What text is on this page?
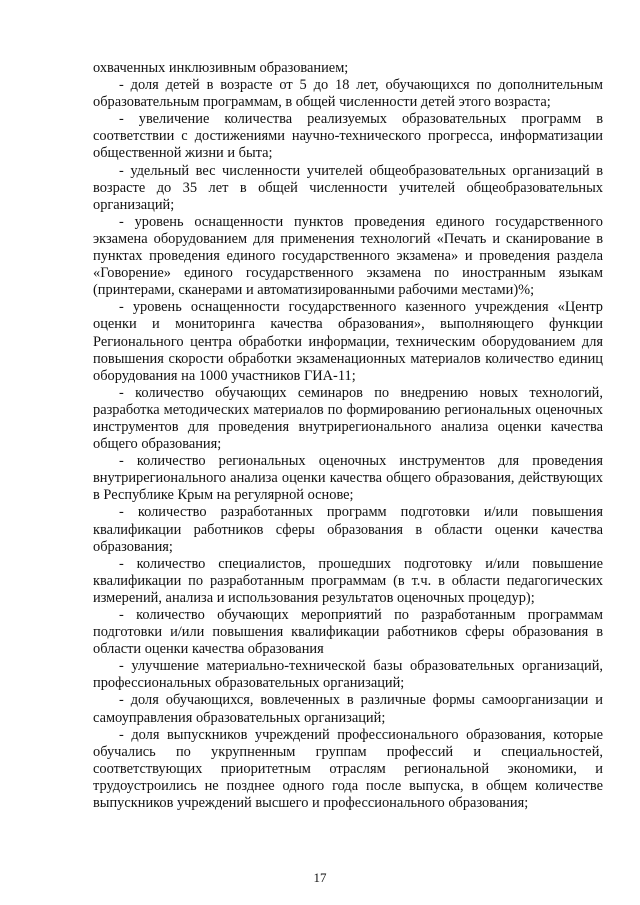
охваченных инклюзивным образованием;

- доля детей в возрасте от 5 до 18 лет, обучающихся по дополнительным образовательным программам, в общей численности детей этого возраста;

- увеличение количества реализуемых образовательных программ в соответствии с достижениями научно-технического прогресса, информатизации общественной жизни и быта;

- удельный вес численности учителей общеобразовательных организаций в возрасте до 35 лет в общей численности учителей общеобразовательных организаций;

- уровень оснащенности пунктов проведения единого государственного экзамена оборудованием для применения технологий «Печать и сканирование в пунктах проведения единого государственного экзамена» и проведения раздела «Говорение» единого государственного экзамена по иностранным языкам (принтерами, сканерами и автоматизированными рабочими местами)%;

- уровень оснащенности государственного казенного учреждения «Центр оценки и мониторинга качества образования», выполняющего функции Регионального центра обработки информации, техническим оборудованием для повышения скорости обработки экзаменационных материалов количество единиц оборудования на 1000 участников ГИА-11;

- количество обучающих семинаров по внедрению новых технологий, разработка методических материалов по формированию региональных оценочных инструментов для проведения внутрирегионального анализа оценки качества общего образования;

- количество региональных оценочных инструментов для проведения внутрирегионального анализа оценки качества общего образования, действующих в Республике Крым на регулярной основе;

- количество разработанных программ подготовки и/или повышения квалификации работников сферы образования в области оценки качества образования;

- количество специалистов, прошедших подготовку и/или повышение квалификации по разработанным программам (в т.ч. в области педагогических измерений, анализа и использования результатов оценочных процедур);

- количество обучающих мероприятий по разработанным программам подготовки и/или повышения квалификации работников сферы образования в области оценки качества образования

- улучшение материально-технической базы образовательных организаций, профессиональных образовательных организаций;

- доля обучающихся, вовлеченных в различные формы самоорганизации и самоуправления образовательных организаций;

- доля выпускников учреждений профессионального образования, которые обучались по укрупненным группам профессий и специальностей, соответствующих приоритетным отраслям региональной экономики, и трудоустроились не позднее одного года после выпуска, в общем количестве выпускников учреждений высшего и профессионального образования;

17
